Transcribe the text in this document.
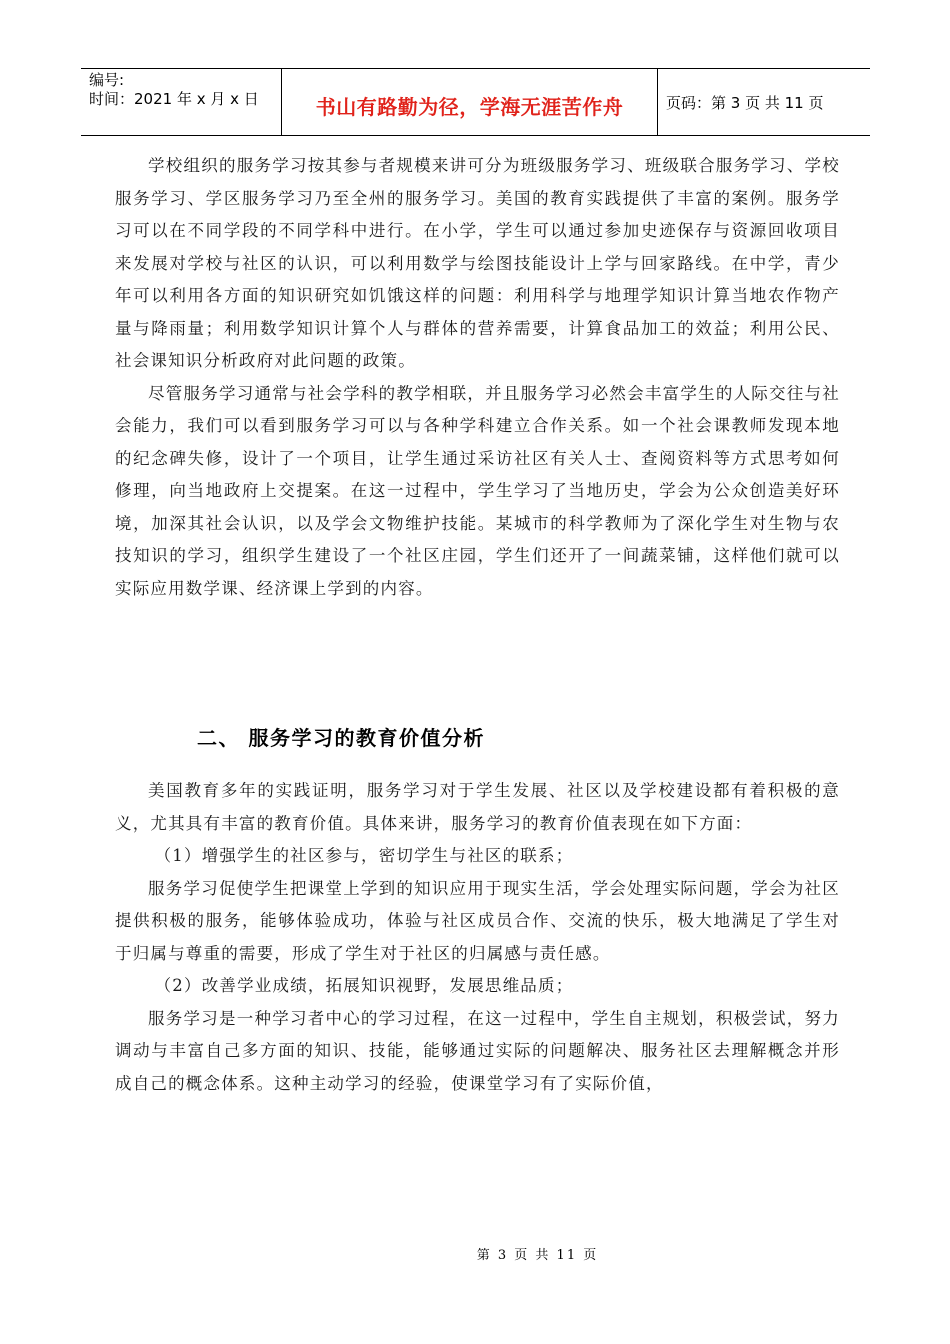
编号:
时间：2021 年 x 月 x 日	书山有路勤为径，学海无涯苦作舟	页码：第 3 页 共 11 页

学校组织的服务学习按其参与者规模来讲可分为班级服务学习、班级联合服务学习、学校服务学习、学区服务学习乃至全州的服务学习。美国的教育实践提供了丰富的案例。服务学习可以在不同学段的不同学科中进行。在小学，学生可以通过参加史迹保存与资源回收项目来发展对学校与社区的认识，可以利用数学与绘图技能设计上学与回家路线。在中学，青少年可以利用各方面的知识研究如饥饿这样的问题：利用科学与地理学知识计算当地农作物产量与降雨量；利用数学知识计算个人与群体的营养需要，计算食品加工的效益；利用公民、社会课知识分析政府对此问题的政策。

尽管服务学习通常与社会学科的教学相联，并且服务学习必然会丰富学生的人际交往与社会能力，我们可以看到服务学习可以与各种学科建立合作关系。如一个社会课教师发现本地的纪念碑失修，设计了一个项目，让学生通过采访社区有关人士、查阅资料等方式思考如何修理，向当地政府上交提案。在这一过程中，学生学习了当地历史，学会为公众创造美好环境，加深其社会认识，以及学会文物维护技能。某城市的科学教师为了深化学生对生物与农技知识的学习，组织学生建设了一个社区庄园，学生们还开了一间蔬菜铺，这样他们就可以实际应用数学课、经济课上学到的内容。

二、 服务学习的教育价值分析

美国教育多年的实践证明，服务学习对于学生发展、社区以及学校建设都有着积极的意义，尤其具有丰富的教育价值。具体来讲，服务学习的教育价值表现在如下方面：

（1）增强学生的社区参与，密切学生与社区的联系；

服务学习促使学生把课堂上学到的知识应用于现实生活，学会处理实际问题，学会为社区提供积极的服务，能够体验成功，体验与社区成员合作、交流的快乐，极大地满足了学生对于归属与尊重的需要，形成了学生对于社区的归属感与责任感。

（2）改善学业成绩，拓展知识视野，发展思维品质；

服务学习是一种学习者中心的学习过程，在这一过程中，学生自主规划，积极尝试，努力调动与丰富自己多方面的知识、技能，能够通过实际的问题解决、服务社区去理解概念并形成自己的概念体系。这种主动学习的经验，使课堂学习有了实际价值，

第 3 页 共 11 页
